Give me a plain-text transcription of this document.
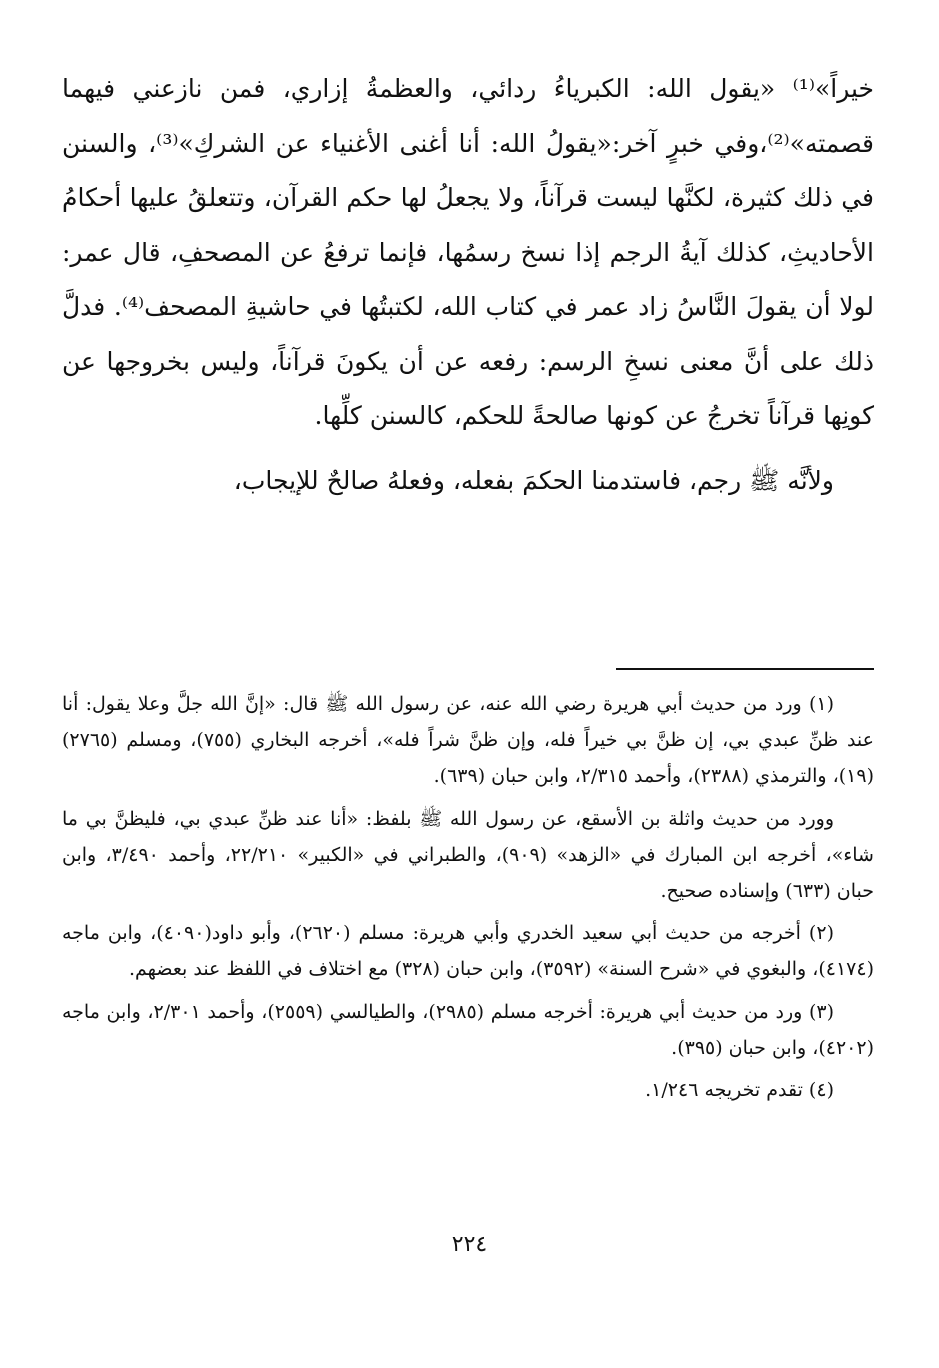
خيراً»⁽¹⁾ «يقول الله: الكبرياءُ ردائي، والعظمةُ إزاري، فمن نازعني فيهما قصمته»⁽²⁾،وفي خبرٍ آخر:«يقولُ الله: أنا أغنى الأغنياء عن الشركِ»⁽³⁾، والسنن في ذلك كثيرة، لكنَّها ليست قرآناً، ولا يجعلُ لها حكم القرآن، وتتعلقُ عليها أحكامُ الأحاديثِ، كذلك آيةُ الرجم إذا نسخ رسمُها، فإنما ترفعُ عن المصحفِ، قال عمر: لولا أن يقولَ النَّاسُ زاد عمر في كتاب الله، لكتبتُها في حاشيةِ المصحف⁽⁴⁾. فدلَّ ذلك على أنَّ معنى نسخِ الرسم: رفعه عن أن يكونَ قرآناً، وليس بخروجها عن كونِها قرآناً تخرجُ عن كونها صالحةً للحكم، كالسنن كلِّها.

ولأنَّه ﷺ رجم، فاستدمنا الحكمَ بفعله، وفعلهُ صالحٌ للإيجاب،

(١) ورد من حديث أبي هريرة رضي الله عنه، عن رسول الله ﷺ قال: «إنَّ الله جلَّ وعلا يقول: أنا عند ظنِّ عبدي بي، إن ظنَّ بي خيراً فله، وإن ظنَّ شراً فله»، أخرجه البخاري (٧٥٥)، ومسلم (٢٧٦٥) (١٩)، والترمذي (٢٣٨٨)، وأحمد ٢/٣١٥، وابن حبان (٦٣٩).

وورد من حديث واثلة بن الأسقع، عن رسول الله ﷺ بلفظ: «أنا عند ظنِّ عبدي بي، فليظنَّ بي ما شاء»، أخرجه ابن المبارك في «الزهد» (٩٠٩)، والطبراني في «الكبير» ٢٢/٢١٠، وأحمد ٣/٤٩٠، وابن حبان (٦٣٣) وإسناده صحيح.

(٢) أخرجه من حديث أبي سعيد الخدري وأبي هريرة: مسلم (٢٦٢٠)، وأبو داود(٤٠٩٠)، وابن ماجه (٤١٧٤)، والبغوي في «شرح السنة» (٣٥٩٢)، وابن حبان (٣٢٨) مع اختلاف في اللفظ عند بعضهم.

(٣) ورد من حديث أبي هريرة: أخرجه مسلم (٢٩٨٥)، والطيالسي (٢٥٥٩)، وأحمد ٢/٣٠١، وابن ماجه (٤٢٠٢)، وابن حبان (٣٩٥).

(٤) تقدم تخريجه ١/٢٤٦.

٢٢٤
